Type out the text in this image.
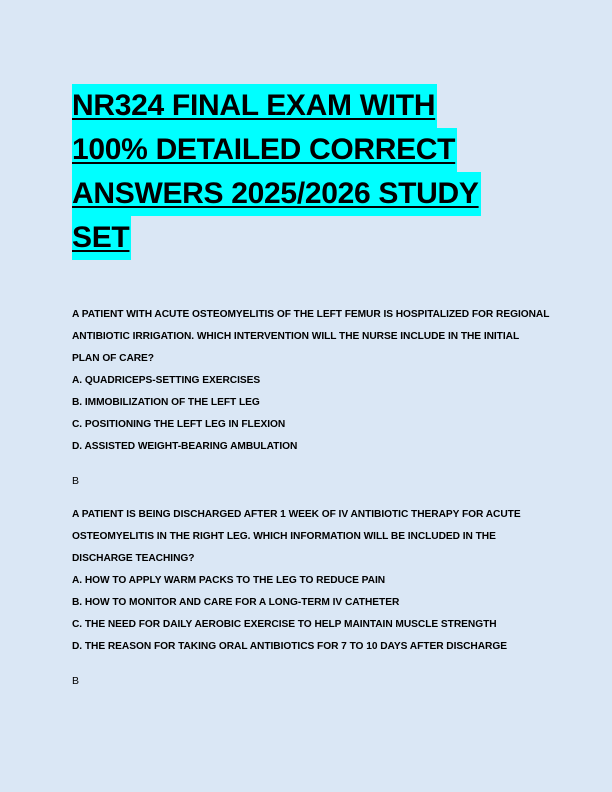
NR324 FINAL EXAM WITH
100% DETAILED CORRECT
ANSWERS 2025/2026 STUDY
SET
A PATIENT WITH ACUTE OSTEOMYELITIS OF THE LEFT FEMUR IS HOSPITALIZED FOR REGIONAL
ANTIBIOTIC IRRIGATION. WHICH INTERVENTION WILL THE NURSE INCLUDE IN THE INITIAL
PLAN OF CARE?
A. QUADRICEPS-SETTING EXERCISES
B. IMMOBILIZATION OF THE LEFT LEG
C. POSITIONING THE LEFT LEG IN FLEXION
D. ASSISTED WEIGHT-BEARING AMBULATION
B
A PATIENT IS BEING DISCHARGED AFTER 1 WEEK OF IV ANTIBIOTIC THERAPY FOR ACUTE
OSTEOMYELITIS IN THE RIGHT LEG. WHICH INFORMATION WILL BE INCLUDED IN THE
DISCHARGE TEACHING?
A. HOW TO APPLY WARM PACKS TO THE LEG TO REDUCE PAIN
B. HOW TO MONITOR AND CARE FOR A LONG-TERM IV CATHETER
C. THE NEED FOR DAILY AEROBIC EXERCISE TO HELP MAINTAIN MUSCLE STRENGTH
D. THE REASON FOR TAKING ORAL ANTIBIOTICS FOR 7 TO 10 DAYS AFTER DISCHARGE
B
